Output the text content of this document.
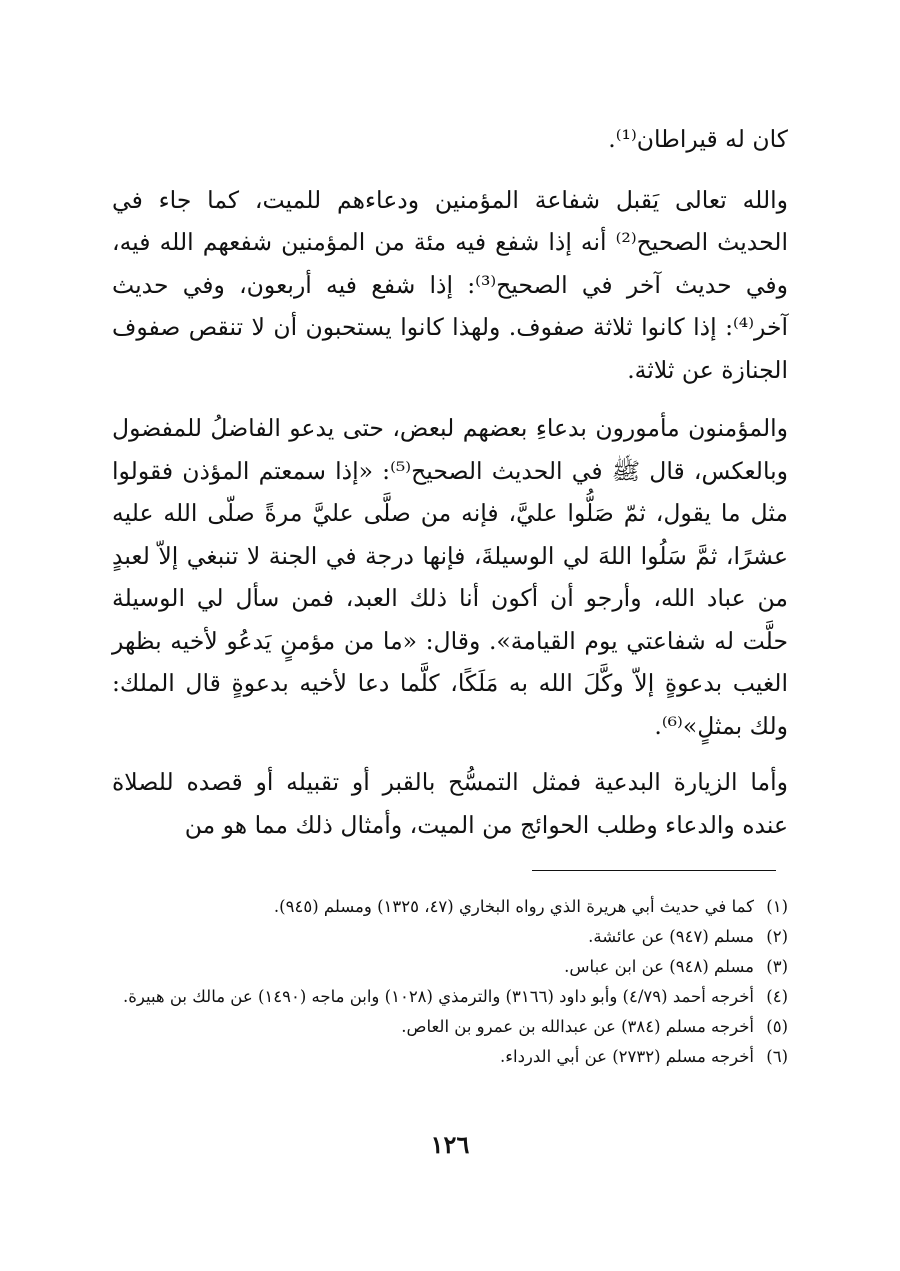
كان له قيراطان⁽¹⁾.

والله تعالى يَقبل شفاعة المؤمنين ودعاءهم للميت، كما جاء في الحديث الصحيح⁽²⁾ أنه إذا شفع فيه مئة من المؤمنين شفعهم الله فيه، وفي حديث آخر في الصحيح⁽³⁾: إذا شفع فيه أربعون، وفي حديث آخر⁽⁴⁾: إذا كانوا ثلاثة صفوف. ولهذا كانوا يستحبون أن لا تنقص صفوف الجنازة عن ثلاثة.

والمؤمنون مأمورون بدعاءِ بعضهم لبعض، حتى يدعو الفاضلُ للمفضول وبالعكس، قال ﷺ في الحديث الصحيح⁽⁵⁾: «إذا سمعتم المؤذن فقولوا مثل ما يقول، ثمّ صَلُّوا عليَّ، فإنه من صلَّى عليَّ مرةً صلّى الله عليه عشرًا، ثمَّ سَلُوا اللهَ لي الوسيلةَ، فإنها درجة في الجنة لا تنبغي إلاّ لعبدٍ من عباد الله، وأرجو أن أكون أنا ذلك العبد، فمن سأل لي الوسيلة حلَّت له شفاعتي يوم القيامة». وقال: «ما من مؤمنٍ يَدعُو لأخيه بظهر الغيب بدعوةٍ إلاّ وكَّلَ الله به مَلَكًا، كلَّما دعا لأخيه بدعوةٍ قال الملك: ولك بمثلٍ»⁽⁶⁾.

وأما الزيارة البدعية فمثل التمسُّح بالقبر أو تقبيله أو قصده للصلاة عنده والدعاء وطلب الحوائج من الميت، وأمثال ذلك مما هو من

(١)
كما في حديث أبي هريرة الذي رواه البخاري (٤٧، ١٣٢٥) ومسلم (٩٤٥).
(٢)
مسلم (٩٤٧) عن عائشة.
(٣)
مسلم (٩٤٨) عن ابن عباس.
(٤)
أخرجه أحمد (٤/٧٩) وأبو داود (٣١٦٦) والترمذي (١٠٢٨) وابن ماجه (١٤٩٠) عن مالك بن هبيرة.
(٥)
أخرجه مسلم (٣٨٤) عن عبدالله بن عمرو بن العاص.
(٦)
أخرجه مسلم (٢٧٣٢) عن أبي الدرداء.
١٢٦
